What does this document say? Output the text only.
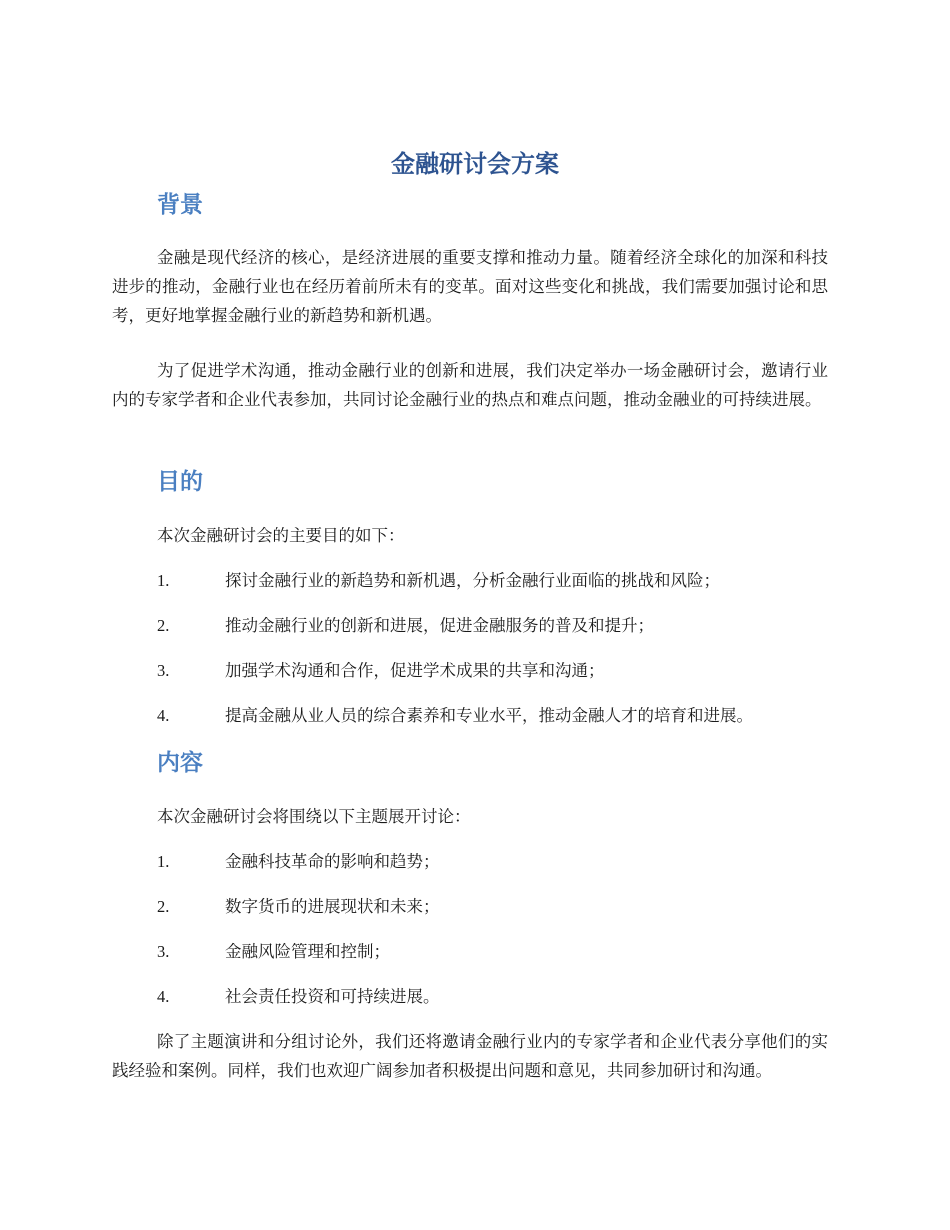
金融研讨会方案
背景

金融是现代经济的核心，是经济进展的重要支撑和推动力量。随着经济全球化的加深和科技进步的推动，金融行业也在经历着前所未有的变革。面对这些变化和挑战，我们需要加强讨论和思考，更好地掌握金融行业的新趋势和新机遇。

为了促进学术沟通，推动金融行业的创新和进展，我们决定举办一场金融研讨会，邀请行业内的专家学者和企业代表参加，共同讨论金融行业的热点和难点问题，推动金融业的可持续进展。

目的

本次金融研讨会的主要目的如下：

1.	探讨金融行业的新趋势和新机遇，分析金融行业面临的挑战和风险；
2.	推动金融行业的创新和进展，促进金融服务的普及和提升；
3.	加强学术沟通和合作，促进学术成果的共享和沟通；
4.	提高金融从业人员的综合素养和专业水平，推动金融人才的培育和进展。
内容

本次金融研讨会将围绕以下主题展开讨论：

1.	金融科技革命的影响和趋势；
2.	数字货币的进展现状和未来；
3.	金融风险管理和控制；
4.	社会责任投资和可持续进展。

除了主题演讲和分组讨论外，我们还将邀请金融行业内的专家学者和企业代表分享他们的实践经验和案例。同样，我们也欢迎广阔参加者积极提出问题和意见，共同参加研讨和沟通。
